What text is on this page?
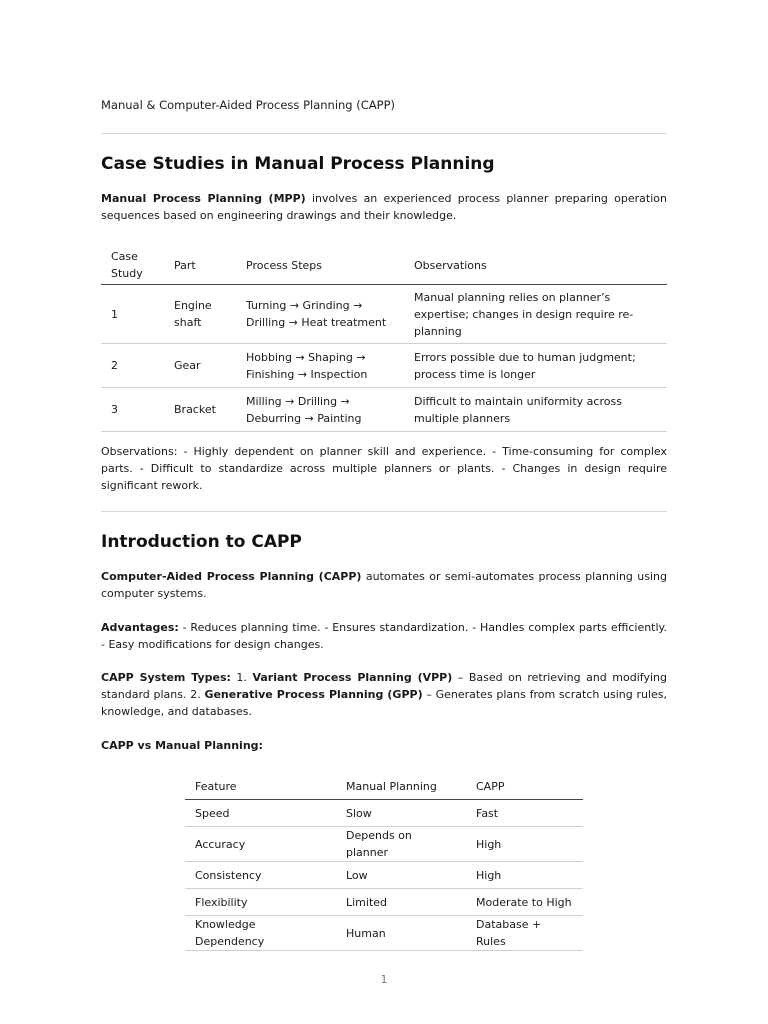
Manual & Computer-Aided Process Planning (CAPP)
Case Studies in Manual Process Planning

Manual Process Planning (MPP) involves an experienced process planner preparing operation sequences based on engineering drawings and their knowledge.

Case Study	Part	Process Steps	Observations
1	Engine shaft	Turning → Grinding → Drilling → Heat treatment	Manual planning relies on planner’s expertise; changes in design require re-planning
2	Gear	Hobbing → Shaping → Finishing → Inspection	Errors possible due to human judgment; process time is longer
3	Bracket	Milling → Drilling → Deburring → Painting	Difficult to maintain uniformity across multiple planners

Observations: - Highly dependent on planner skill and experience. - Time-consuming for complex parts. - Difficult to standardize across multiple planners or plants. - Changes in design require significant rework.

Introduction to CAPP

Computer-Aided Process Planning (CAPP) automates or semi-automates process planning using computer systems.

Advantages: - Reduces planning time. - Ensures standardization. - Handles complex parts efficiently. - Easy modifications for design changes.

CAPP System Types: 1. Variant Process Planning (VPP) – Based on retrieving and modifying standard plans. 2. Generative Process Planning (GPP) – Generates plans from scratch using rules, knowledge, and databases.

CAPP vs Manual Planning:

Feature	Manual Planning	CAPP
Speed	Slow	Fast
Accuracy	Depends on planner	High
Consistency	Low	High
Flexibility	Limited	Moderate to High
Knowledge Dependency	Human	Database + Rules
1
